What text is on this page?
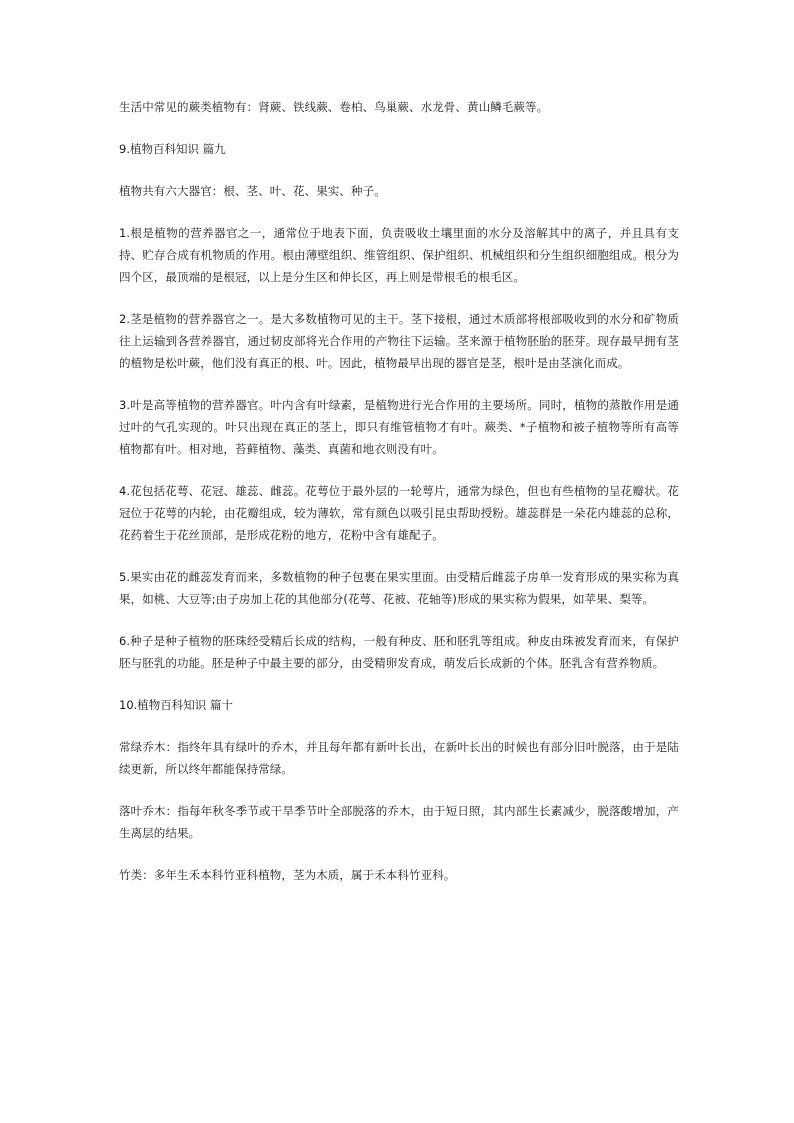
生活中常见的蕨类植物有：肾蕨、铁线蕨、卷柏、鸟巢蕨、水龙骨、黄山鳞毛蕨等。

9.植物百科知识 篇九

植物共有六大器官：根、茎、叶、花、果实、种子。

1.根是植物的营养器官之一，通常位于地表下面，负责吸收土壤里面的水分及溶解其中的离子，并且具有支持、贮存合成有机物质的作用。根由薄壁组织、维管组织、保护组织、机械组织和分生组织细胞组成。根分为四个区，最顶端的是根冠，以上是分生区和伸长区，再上则是带根毛的根毛区。

2.茎是植物的营养器官之一。是大多数植物可见的主干。茎下接根，通过木质部将根部吸收到的水分和矿物质往上运输到各营养器官，通过韧皮部将光合作用的产物往下运输。茎来源于植物胚胎的胚芽。现存最早拥有茎的植物是松叶蕨，他们没有真正的根、叶。因此，植物最早出现的器官是茎，根叶是由茎演化而成。

3.叶是高等植物的营养器官。叶内含有叶绿素，是植物进行光合作用的主要场所。同时，植物的蒸散作用是通过叶的气孔实现的。叶只出现在真正的茎上，即只有维管植物才有叶。蕨类、*子植物和被子植物等所有高等植物都有叶。相对地，苔藓植物、藻类、真菌和地衣则没有叶。

4.花包括花萼、花冠、雄蕊、雌蕊。花萼位于最外层的一轮萼片，通常为绿色，但也有些植物的呈花瓣状。花冠位于花萼的内轮，由花瓣组成，较为薄软，常有颜色以吸引昆虫帮助授粉。雄蕊群是一朵花内雄蕊的总称，花药着生于花丝顶部，是形成花粉的地方，花粉中含有雄配子。

5.果实由花的雌蕊发育而来，多数植物的种子包裹在果实里面。由受精后雌蕊子房单一发育形成的果实称为真果，如桃、大豆等;由子房加上花的其他部分(花萼、花被、花轴等)形成的果实称为假果，如苹果、梨等。

6.种子是种子植物的胚珠经受精后长成的结构，一般有种皮、胚和胚乳等组成。种皮由珠被发育而来，有保护胚与胚乳的功能。胚是种子中最主要的部分，由受精卵发育成，萌发后长成新的个体。胚乳含有营养物质。

10.植物百科知识 篇十

常绿乔木：指终年具有绿叶的乔木，并且每年都有新叶长出，在新叶长出的时候也有部分旧叶脱落，由于是陆续更新，所以终年都能保持常绿。

落叶乔木：指每年秋冬季节或干旱季节叶全部脱落的乔木，由于短日照，其内部生长素减少，脱落酸增加，产生离层的结果。

竹类：多年生禾本科竹亚科植物，茎为木质，属于禾本科竹亚科。
